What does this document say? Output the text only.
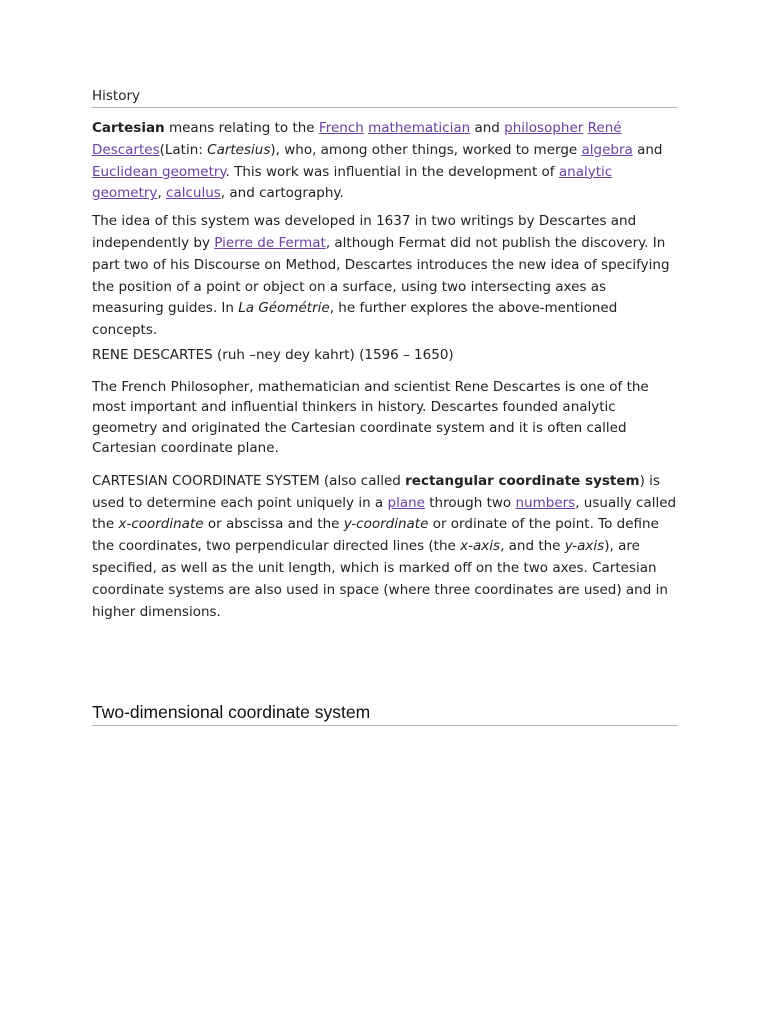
History

Cartesian means relating to the French mathematician and philosopher René Descartes(Latin: Cartesius), who, among other things, worked to merge algebra and Euclidean geometry. This work was influential in the development of analytic geometry, calculus, and cartography.

The idea of this system was developed in 1637 in two writings by Descartes and independently by Pierre de Fermat, although Fermat did not publish the discovery. In part two of his Discourse on Method, Descartes introduces the new idea of specifying the position of a point or object on a surface, using two intersecting axes as measuring guides. In La Géométrie, he further explores the above-mentioned concepts.

RENE DESCARTES (ruh –ney dey kahrt) (1596 – 1650)

The French Philosopher, mathematician and scientist Rene Descartes is one of the most important and influential thinkers in history. Descartes founded analytic geometry and originated the Cartesian coordinate system and it is often called Cartesian coordinate plane.

CARTESIAN COORDINATE SYSTEM (also called rectangular coordinate system) is used to determine each point uniquely in a plane through two numbers, usually called the x-coordinate or abscissa and the y-coordinate or ordinate of the point. To define the coordinates, two perpendicular directed lines (the x-axis, and the y-axis), are specified, as well as the unit length, which is marked off on the two axes. Cartesian coordinate systems are also used in space (where three coordinates are used) and in higher dimensions.

Two-dimensional coordinate system
